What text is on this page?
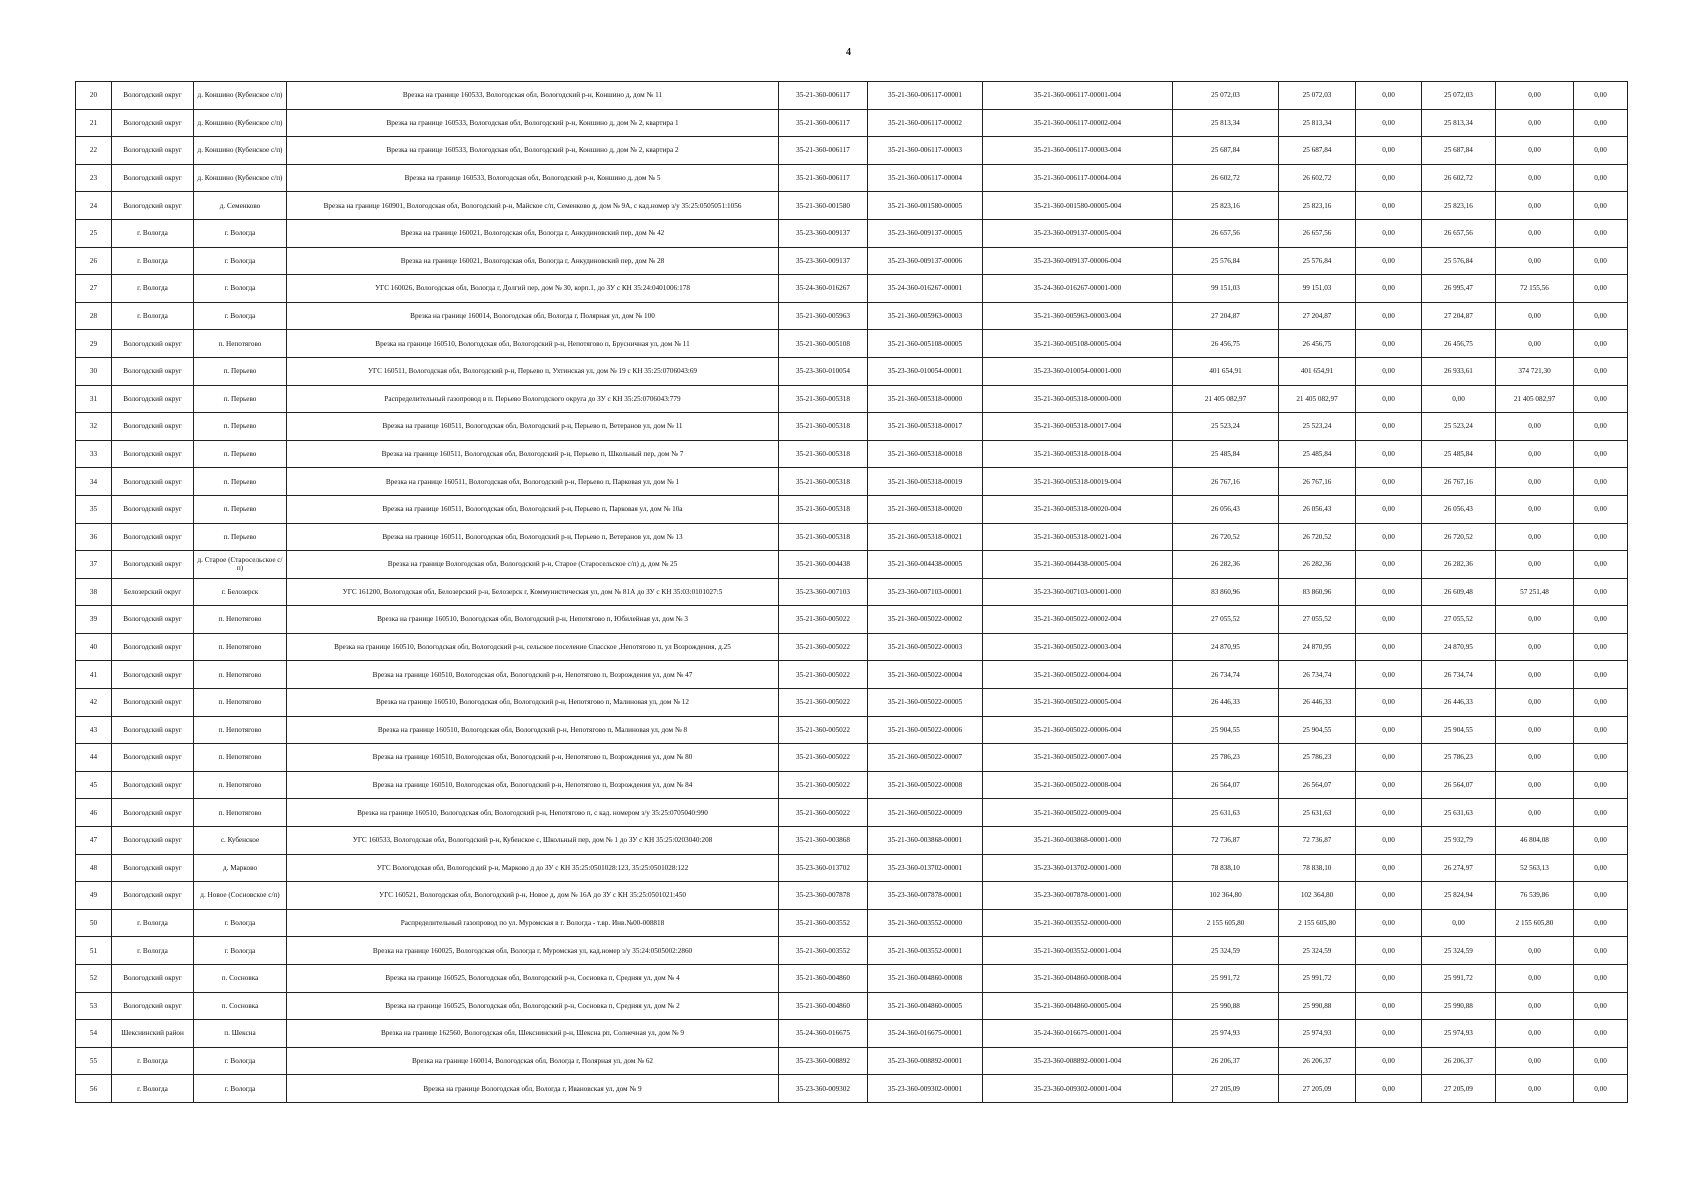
4
20	Вологодский округ	д. Коншино (Кубенское с/п)	Врезка на границе 160533, Вологодская обл, Вологодский р-н, Коншино д, дом № 11	35-21-360-006117	35-21-360-006117-00001	35-21-360-006117-00001-004	25 072,03	25 072,03	0,00	25 072,03	0,00	0,00
21	Вологодский округ	д. Коншино (Кубенское с/п)	Врезка на границе 160533, Вологодская обл, Вологодский р-н, Коншино д, дом № 2, квартира 1	35-21-360-006117	35-21-360-006117-00002	35-21-360-006117-00002-004	25 813,34	25 813,34	0,00	25 813,34	0,00	0,00
22	Вологодский округ	д. Коншино (Кубенское с/п)	Врезка на границе 160533, Вологодская обл, Вологодский р-н, Коншино д, дом № 2, квартира 2	35-21-360-006117	35-21-360-006117-00003	35-21-360-006117-00003-004	25 687,84	25 687,84	0,00	25 687,84	0,00	0,00
23	Вологодский округ	д. Коншино (Кубенское с/п)	Врезка на границе 160533, Вологодская обл, Вологодский р-н, Коншино д, дом № 5	35-21-360-006117	35-21-360-006117-00004	35-21-360-006117-00004-004	26 602,72	26 602,72	0,00	26 602,72	0,00	0,00
24	Вологодский округ	д. Семенково	Врезка на границе 160901, Вологодская обл, Вологодский р-н, Майское с/п, Семенково д, дом № 9А, с кад.номер з/у 35:25:0505051:1056	35-21-360-001580	35-21-360-001580-00005	35-21-360-001580-00005-004	25 823,16	25 823,16	0,00	25 823,16	0,00	0,00
25	г. Вологда	г. Вологда	Врезка на границе 160021, Вологодская обл, Вологда г, Анкудиновский пер, дом № 42	35-23-360-009137	35-23-360-009137-00005	35-23-360-009137-00005-004	26 657,56	26 657,56	0,00	26 657,56	0,00	0,00
26	г. Вологда	г. Вологда	Врезка на границе 160021, Вологодская обл, Вологда г, Анкудиновский пер, дом № 28	35-23-360-009137	35-23-360-009137-00006	35-23-360-009137-00006-004	25 576,84	25 576,84	0,00	25 576,84	0,00	0,00
27	г. Вологда	г. Вологда	УГС 160026, Вологодская обл, Вологда г, Долгий пер, дом № 30, корп.1, до ЗУ с КН 35:24:0401006:178	35-24-360-016267	35-24-360-016267-00001	35-24-360-016267-00001-000	99 151,03	99 151,03	0,00	26 995,47	72 155,56	0,00
28	г. Вологда	г. Вологда	Врезка на границе 160014, Вологодская обл, Вологда г, Полярная ул, дом № 100	35-21-360-005963	35-21-360-005963-00003	35-21-360-005963-00003-004	27 204,87	27 204,87	0,00	27 204,87	0,00	0,00
29	Вологодский округ	п. Непотягово	Врезка на границе 160510, Вологодская обл, Вологодский р-н, Непотягово п, Брусничная ул, дом № 11	35-21-360-005108	35-21-360-005108-00005	35-21-360-005108-00005-004	26 456,75	26 456,75	0,00	26 456,75	0,00	0,00
30	Вологодский округ	п. Перьево	УГС 160511, Вологодская обл, Вологодский р-н, Перьево п, Ухтинская ул, дом № 19 с КН 35:25:0706043:69	35-23-360-010054	35-23-360-010054-00001	35-23-360-010054-00001-000	401 654,91	401 654,91	0,00	26 933,61	374 721,30	0,00
31	Вологодский округ	п. Перьево	Распределительный газопровод в п. Перьево Вологодского округа до ЗУ с КН 35:25:0706043:779	35-21-360-005318	35-21-360-005318-00000	35-21-360-005318-00000-000	21 405 082,97	21 405 082,97	0,00	0,00	21 405 082,97	0,00
32	Вологодский округ	п. Перьево	Врезка на границе 160511, Вологодская обл, Вологодский р-н, Перьево п, Ветеранов ул, дом № 11	35-21-360-005318	35-21-360-005318-00017	35-21-360-005318-00017-004	25 523,24	25 523,24	0,00	25 523,24	0,00	0,00
33	Вологодский округ	п. Перьево	Врезка на границе 160511, Вологодская обл, Вологодский р-н, Перьево п, Школьный пер, дом № 7	35-21-360-005318	35-21-360-005318-00018	35-21-360-005318-00018-004	25 485,84	25 485,84	0,00	25 485,84	0,00	0,00
34	Вологодский округ	п. Перьево	Врезка на границе 160511, Вологодская обл, Вологодский р-н, Перьево п, Парковая ул, дом № 1	35-21-360-005318	35-21-360-005318-00019	35-21-360-005318-00019-004	26 767,16	26 767,16	0,00	26 767,16	0,00	0,00
35	Вологодский округ	п. Перьево	Врезка на границе 160511, Вологодская обл, Вологодский р-н, Перьево п, Парковая ул, дом № 10а	35-21-360-005318	35-21-360-005318-00020	35-21-360-005318-00020-004	26 056,43	26 056,43	0,00	26 056,43	0,00	0,00
36	Вологодский округ	п. Перьево	Врезка на границе 160511, Вологодская обл, Вологодский р-н, Перьево п, Ветеранов ул, дом № 13	35-21-360-005318	35-21-360-005318-00021	35-21-360-005318-00021-004	26 720,52	26 720,52	0,00	26 720,52	0,00	0,00
37	Вологодский округ	д. Старое (Старосельское с/п)	Врезка на границе Вологодская обл, Вологодский р-н, Старое (Старосельское с/п) д, дом № 25	35-21-360-004438	35-21-360-004438-00005	35-21-360-004438-00005-004	26 282,36	26 282,36	0,00	26 282,36	0,00	0,00
38	Белозерский округ	г. Белозерск	УГС 161200, Вологодская обл, Белозерский р-н, Белозерск г, Коммунистическая ул, дом № 81А до ЗУ с КН 35:03:0101027:5	35-23-360-007103	35-23-360-007103-00001	35-23-360-007103-00001-000	83 860,96	83 860,96	0,00	26 609,48	57 251,48	0,00
39	Вологодский округ	п. Непотягово	Врезка на границе 160510, Вологодская обл, Вологодский р-н, Непотягово п, Юбилейная ул, дом № 3	35-21-360-005022	35-21-360-005022-00002	35-21-360-005022-00002-004	27 055,52	27 055,52	0,00	27 055,52	0,00	0,00
40	Вологодский округ	п. Непотягово	Врезка на границе 160510, Вологодская обл, Вологодский р-н, сельское поселение Спасское ,Непотягово п, ул Возрождения, д.25	35-21-360-005022	35-21-360-005022-00003	35-21-360-005022-00003-004	24 870,95	24 870,95	0,00	24 870,95	0,00	0,00
41	Вологодский округ	п. Непотягово	Врезка на границе 160510, Вологодская обл, Вологодский р-н, Непотягово п, Возрождения ул, дом № 47	35-21-360-005022	35-21-360-005022-00004	35-21-360-005022-00004-004	26 734,74	26 734,74	0,00	26 734,74	0,00	0,00
42	Вологодский округ	п. Непотягово	Врезка на границе 160510, Вологодская обл, Вологодский р-н, Непотягово п, Малиновая ул, дом № 12	35-21-360-005022	35-21-360-005022-00005	35-21-360-005022-00005-004	26 446,33	26 446,33	0,00	26 446,33	0,00	0,00
43	Вологодский округ	п. Непотягово	Врезка на границе 160510, Вологодская обл, Вологодский р-н, Непотягово п, Малиновая ул, дом № 8	35-21-360-005022	35-21-360-005022-00006	35-21-360-005022-00006-004	25 904,55	25 904,55	0,00	25 904,55	0,00	0,00
44	Вологодский округ	п. Непотягово	Врезка на границе 160510, Вологодская обл, Вологодский р-н, Непотягово п, Возрождения ул, дом № 80	35-21-360-005022	35-21-360-005022-00007	35-21-360-005022-00007-004	25 786,23	25 786,23	0,00	25 786,23	0,00	0,00
45	Вологодский округ	п. Непотягово	Врезка на границе 160510, Вологодская обл, Вологодский р-н, Непотягово п, Возрождения ул, дом № 84	35-21-360-005022	35-21-360-005022-00008	35-21-360-005022-00008-004	26 564,07	26 564,07	0,00	26 564,07	0,00	0,00
46	Вологодский округ	п. Непотягово	Врезка на границе 160510, Вологодская обл, Вологодский р-н, Непотягово п, с кад. номером з/у 35:25:0705040:990	35-21-360-005022	35-21-360-005022-00009	35-21-360-005022-00009-004	25 631,63	25 631,63	0,00	25 631,63	0,00	0,00
47	Вологодский округ	с. Кубенское	УГС 160533, Вологодская обл, Вологодский р-н, Кубенское с, Школьный пер, дом № 1 до ЗУ с КН 35:25:0203040:208	35-21-360-003868	35-21-360-003868-00001	35-21-360-003868-00001-000	72 736,87	72 736,87	0,00	25 932,79	46 804,08	0,00
48	Вологодский округ	д. Марково	УГС Вологодская обл, Вологодский р-н, Марково д до ЗУ с КН 35:25:0501028:123, 35:25:0501028:122	35-23-360-013702	35-23-360-013702-00001	35-23-360-013702-00001-000	78 838,10	78 838,10	0,00	26 274,97	52 563,13	0,00
49	Вологодский округ	д. Новое (Сосновское с/п)	УГС 160521, Вологодская обл, Вологодский р-н, Новое д, дом № 16А до ЗУ с КН 35:25:0501021:450	35-23-360-007878	35-23-360-007878-00001	35-23-360-007878-00001-000	102 364,80	102 364,80	0,00	25 824,94	76 539,86	0,00
50	г. Вологда	г. Вологда	Распределительный газопровод по ул. Муромская в г. Вологда - т.вр. Инв.№00-008818	35-21-360-003552	35-21-360-003552-00000	35-21-360-003552-00000-000	2 155 605,80	2 155 605,80	0,00	0,00	2 155 605,80	0,00
51	г. Вологда	г. Вологда	Врезка на границе 160025, Вологодская обл, Вологда г, Муромская ул, кад.номер з/у 35:24:0505002:2860	35-21-360-003552	35-21-360-003552-00001	35-21-360-003552-00001-004	25 324,59	25 324,59	0,00	25 324,59	0,00	0,00
52	Вологодский округ	п. Сосновка	Врезка на границе 160525, Вологодская обл, Вологодский р-н, Сосновка п, Средняя ул, дом № 4	35-21-360-004860	35-21-360-004860-00008	35-21-360-004860-00008-004	25 991,72	25 991,72	0,00	25 991,72	0,00	0,00
53	Вологодский округ	п. Сосновка	Врезка на границе 160525, Вологодская обл, Вологодский р-н, Сосновка п, Средняя ул, дом № 2	35-21-360-004860	35-21-360-004860-00005	35-21-360-004860-00005-004	25 990,88	25 990,88	0,00	25 990,88	0,00	0,00
54	Шекснинский район	п. Шексна	Врезка на границе 162560, Вологодская обл, Шекснинский р-н, Шексна рп, Солнечная ул, дом № 9	35-24-360-016675	35-24-360-016675-00001	35-24-360-016675-00001-004	25 974,93	25 974,93	0,00	25 974,93	0,00	0,00
55	г. Вологда	г. Вологда	Врезка на границе 160014, Вологодская обл, Вологда г, Полярная ул, дом № 62	35-23-360-008892	35-23-360-008892-00001	35-23-360-008892-00001-004	26 206,37	26 206,37	0,00	26 206,37	0,00	0,00
56	г. Вологда	г. Вологда	Врезка на границе Вологодская обл, Вологда г, Ивановская ул, дом № 9	35-23-360-009302	35-23-360-009302-00001	35-23-360-009302-00001-004	27 205,09	27 205,09	0,00	27 205,09	0,00	0,00
